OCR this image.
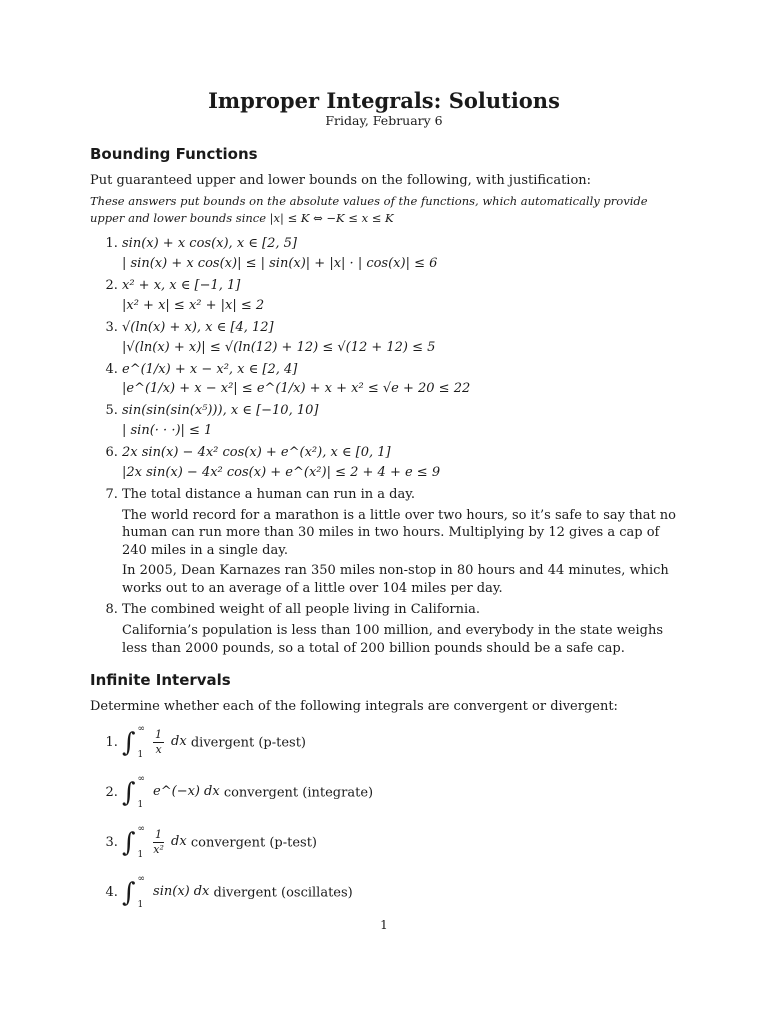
Improper Integrals: Solutions

Friday, February 6

Bounding Functions

Put guaranteed upper and lower bounds on the following, with justification:

These answers put bounds on the absolute values of the functions, which automatically provide upper and lower bounds since |x| ≤ K ⇔ −K ≤ x ≤ K

1. sin(x) + x cos(x), x ∈ [2, 5]
| sin(x) + x cos(x)| ≤ | sin(x)| + |x| · | cos(x)| ≤ 6
2. x² + x, x ∈ [−1, 1]
|x² + x| ≤ x² + |x| ≤ 2
3. √(ln(x) + x), x ∈ [4, 12]
|√(ln(x) + x)| ≤ √(ln(12) + 12) ≤ √(12 + 12) ≤ 5
4. e^(1/x) + x − x², x ∈ [2, 4]
|e^(1/x) + x − x²| ≤ e^(1/x) + x + x² ≤ √e + 20 ≤ 22
5. sin(sin(sin(x⁵))), x ∈ [−10, 10]
| sin(· · ·)| ≤ 1
6. 2x sin(x) − 4x² cos(x) + e^(x²), x ∈ [0, 1]
|2x sin(x) − 4x² cos(x) + e^(x²)| ≤ 2 + 4 + e ≤ 9
7. The total distance a human can run in a day.

The world record for a marathon is a little over two hours, so it’s safe to say that no human can run more than 30 miles in two hours. Multiplying by 12 gives a cap of 240 miles in a single day.

In 2005, Dean Karnazes ran 350 miles non-stop in 80 hours and 44 minutes, which works out to an average of a little over 104 miles per day.

8. The combined weight of all people living in California.

California’s population is less than 100 million, and everybody in the state weighs less than 2000 pounds, so a total of 200 billion pounds should be a safe cap.

Infinite Intervals

Determine whether each of the following integrals are convergent or divergent:

1. ∫ ∞
$1 \frac{1}{x}$ dx divergent (p-test)
2. ∫ ∞
1
e^(−x) dx convergent (integrate)
3. ∫ ∞
$1 \frac{1}{\text{x²}}$ dx convergent (p-test)
4. ∫ ∞
1
sin(x) dx divergent (oscillates)
1
